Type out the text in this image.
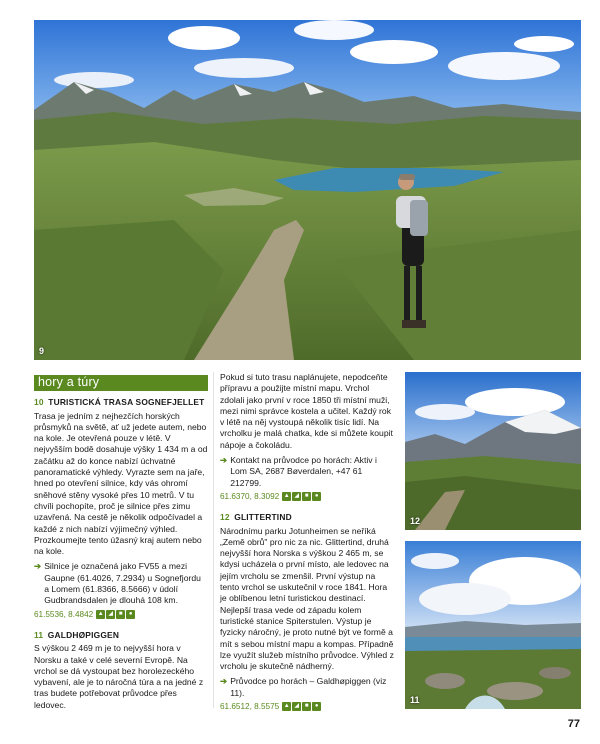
9
hory a túry
10 TURISTICKÁ TRASA SOGNEFJELLET

Trasa je jedním z nejhezčích horských průsmyků na světě, ať už jedete autem, nebo na kole. Je otevřená pouze v létě. V nejvyšším bodě dosahuje výšky 1 434 m a od začátku až do konce nabízí úchvatné panoramatické výhledy. Vyrazte sem na jaře, hned po otevření silnice, kdy vás ohromí sněhové stěny vysoké přes 10 metrů. V tu chvíli pochopíte, proč je silnice přes zimu uzavřená. Na cestě je několik odpočívadel a každé z nich nabízí výjimečný výhled. Prozkoumejte tento úžasný kraj autem nebo na kole.

➔ Silnice je označená jako FV55 a mezi Gaupne (61.4026, 7.2934) u Sognefjordu a Lomem (61.8366, 8.5666) v údolí Gudbrandsdalen je dlouhá 108 km.
61.5536, 8.4842 ▲ ◢ ■	●
11 GALDHØPIGGEN

S výškou 2 469 m je to nejvyšší hora v Norsku a také v celé severní Evropě. Na vrchol se dá vystoupat bez horolezeckého vybavení, ale je to náročná túra a na jedné z tras budete potřebovat průvodce přes ledovec.

Pokud si tuto trasu naplánujete, nepodceňte přípravu a použijte místní mapu. Vrchol zdolali jako první v roce 1850 tři místní muži, mezi nimi správce kostela a učitel. Každý rok v létě na něj vystoupá několik tisíc lidí. Na vrcholku je malá chatka, kde si můžete koupit nápoje a čokoládu.

➔ Kontakt na průvodce po horách: Aktiv i Lom SA, 2687 Bøverdalen, +47 61 212799.
61.6370, 8.3092 ▲ ◢ ■	●
12 GLITTERTIND

Národnímu parku Jotunheimen se neříká „Země obrů" pro nic za nic. Glittertind, druhá nejvyšší hora Norska s výškou 2 465 m, se kdysi ucházela o první místo, ale ledovec na jejím vrcholu se zmenšil. První výstup na tento vrchol se uskutečnil v roce 1841. Hora je oblíbenou letní turistickou destinací. Nejlepší trasa vede od západu kolem turistické stanice Spiterstulen. Výstup je fyzicky náročný, je proto nutné být ve formě a mít s sebou místní mapu a kompas. Případně lze využít služeb místního průvodce. Výhled z vrcholu je skutečně nádherný.

➔ Průvodce po horách – Galdhøpiggen (viz 11).
61.6512, 8.5575 ▲ ◢ ■	●
12
11
77
